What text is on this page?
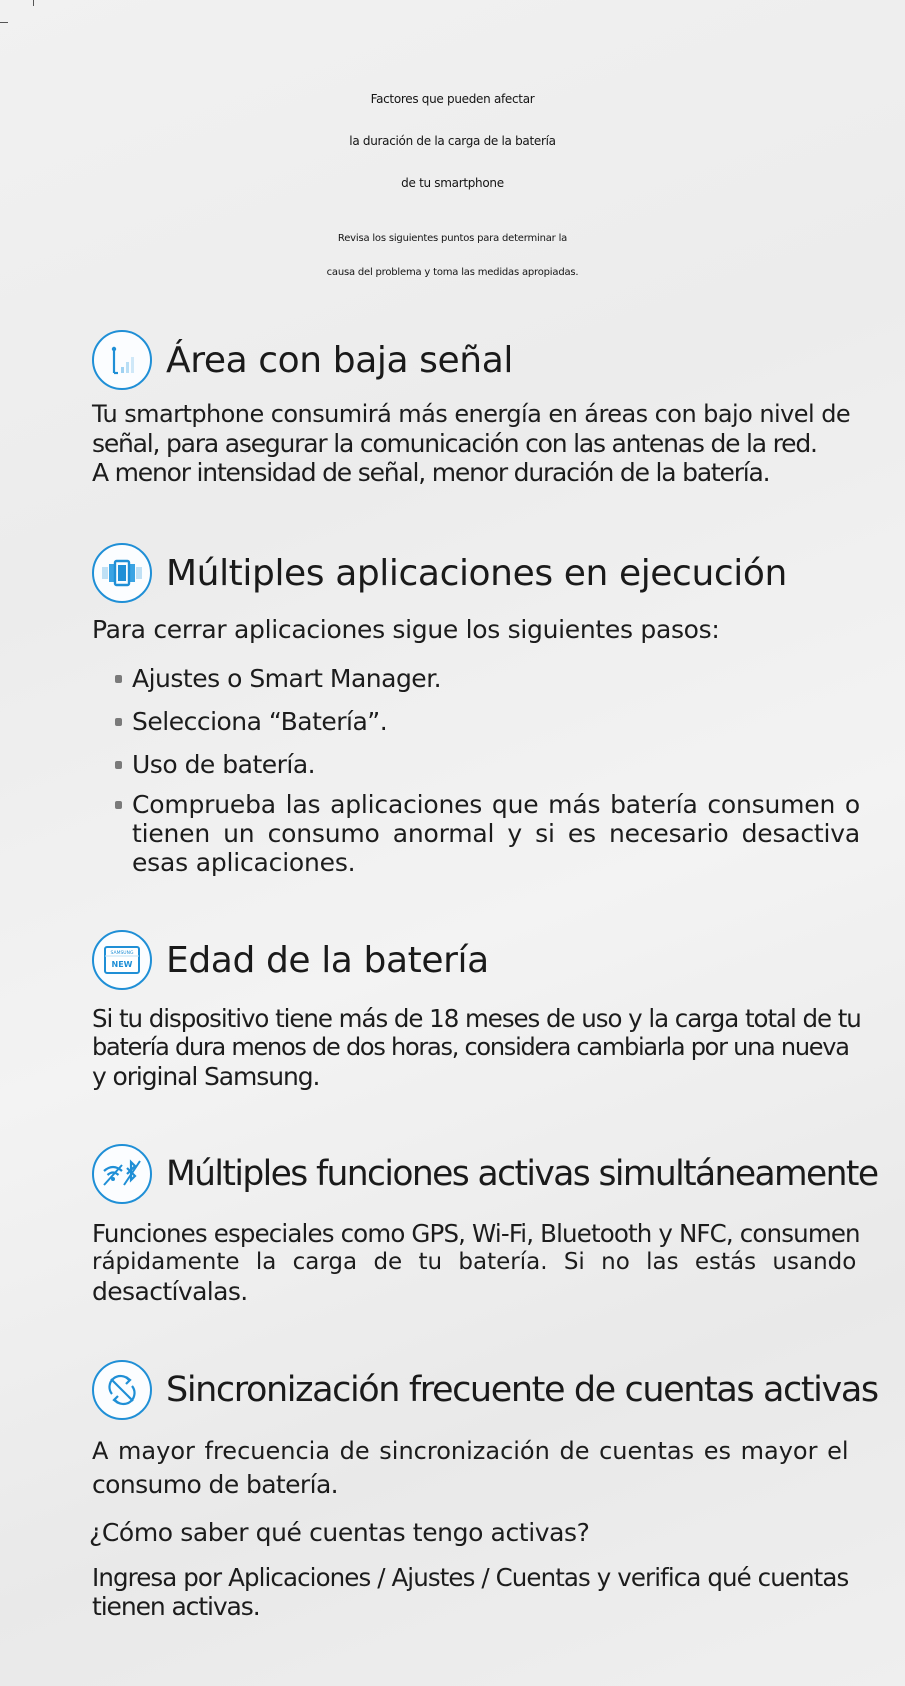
Factores que pueden afectar
la duración de la carga de la batería
de tu smartphone
Revisa los siguientes puntos para determinar la
causa del problema y toma las medidas apropiadas.
Área con baja señal
Tu smartphone consumirá más energía en áreas con bajo nivel de
señal, para asegurar la comunicación con las antenas de la red.
A menor intensidad de señal, menor duración de la batería.
Múltiples aplicaciones en ejecución
Para cerrar aplicaciones sigue los siguientes pasos:
Ajustes o Smart Manager.
Selecciona “Batería”.
Uso de batería.
Comprueba las aplicaciones que más batería consumen o tienen un consumo anormal y si es necesario desactiva esas aplicaciones.
SAMSUNG
NEW Edad de la batería
Si tu dispositivo tiene más de 18 meses de uso y la carga total de tu
batería dura menos de dos horas, considera cambiarla por una nueva
y original Samsung.
Múltiples funciones activas simultáneamente
Funciones especiales como GPS, Wi-Fi, Bluetooth y NFC, consumen
rápidamente la carga de tu batería. Si no las estás usando
desactívalas.
Sincronización frecuente de cuentas activas
A mayor frecuencia de sincronización de cuentas es mayor el
consumo de batería.
¿Cómo saber qué cuentas tengo activas?
Ingresa por Aplicaciones / Ajustes / Cuentas y verifica qué cuentas
tienen activas.
